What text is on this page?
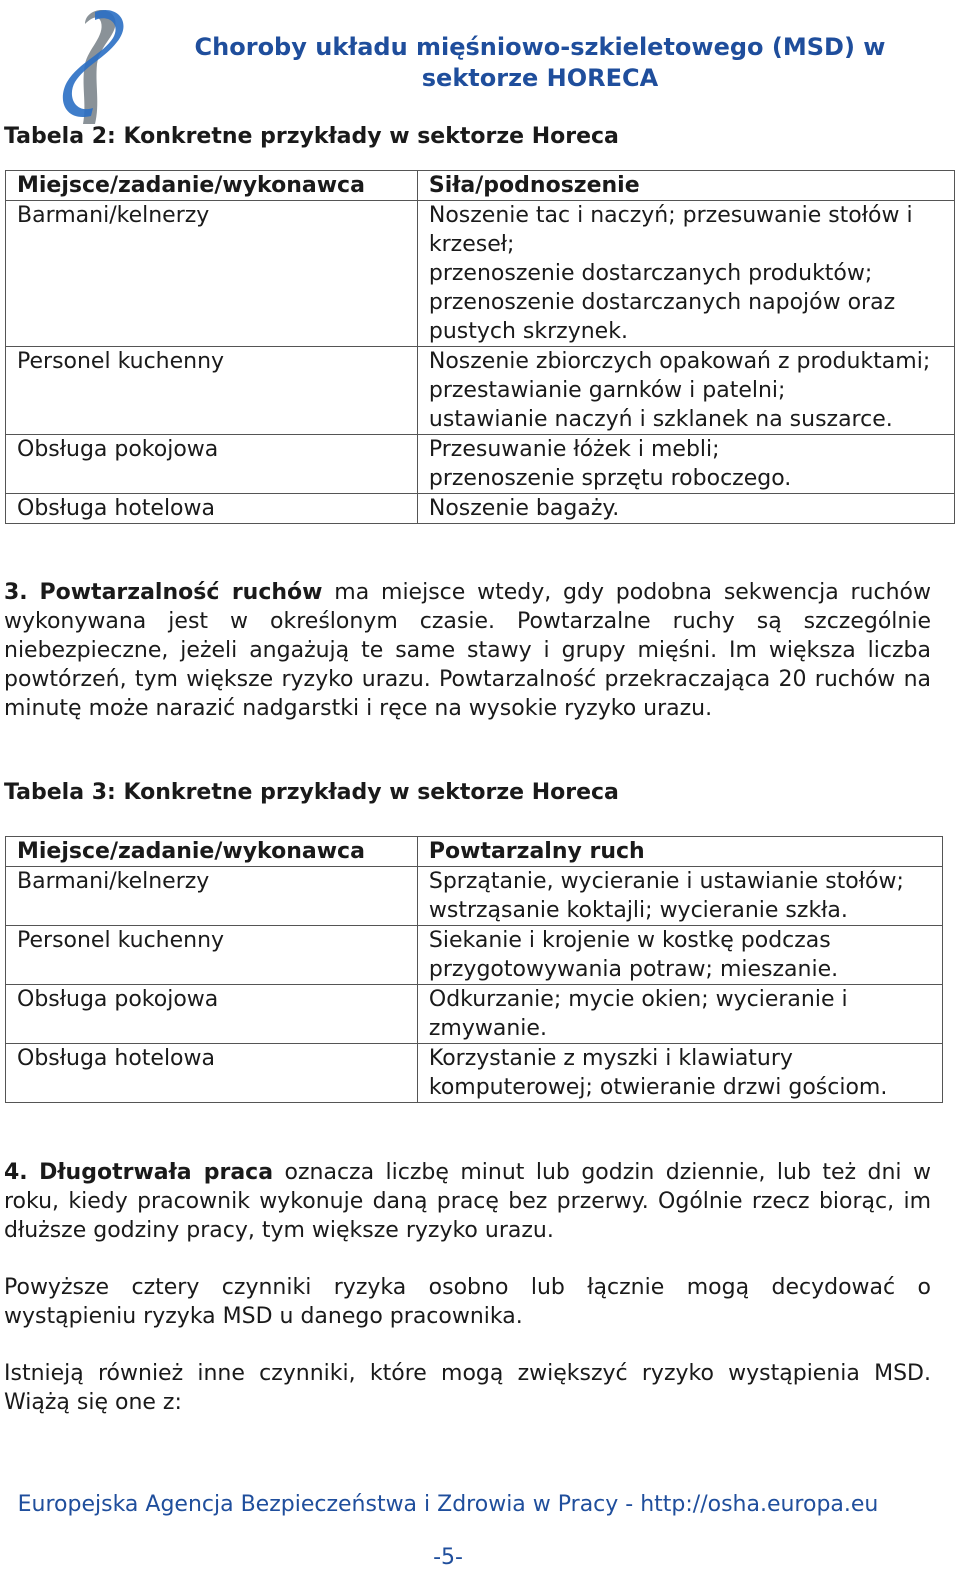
Choroby układu mięśniowo-szkieletowego (MSD) w sektorze HORECA
Tabela 2: Konkretne przykłady w sektorze Horeca
Miejsce/zadanie/wykonawca	Siła/podnoszenie
Barmani/kelnerzy	Noszenie tac i naczyń; przesuwanie stołów i krzeseł;
przenoszenie dostarczanych produktów; przenoszenie dostarczanych napojów oraz pustych skrzynek.

Personel kuchenny	Noszenie zbiorczych opakowań z produktami;
przestawianie garnków i patelni;
ustawianie naczyń i szklanek na suszarce.

Obsługa pokojowa	Przesuwanie łóżek i mebli;
przenoszenie sprzętu roboczego.

Obsługa hotelowa	Noszenie bagaży.
3. Powtarzalność ruchów ma miejsce wtedy, gdy podobna sekwencja ruchów wykonywana jest w określonym czasie. Powtarzalne ruchy są szczególnie niebezpieczne, jeżeli angażują te same stawy i grupy mięśni. Im większa liczba powtórzeń, tym większe ryzyko urazu. Powtarzalność przekraczająca 20 ruchów na minutę może narazić nadgarstki i ręce na wysokie ryzyko urazu.
Tabela 3: Konkretne przykłady w sektorze Horeca
Miejsce/zadanie/wykonawca	Powtarzalny ruch
Barmani/kelnerzy	Sprzątanie, wycieranie i ustawianie stołów; wstrząsanie koktajli; wycieranie szkła.
Personel kuchenny	Siekanie i krojenie w kostkę podczas przygotowywania potraw; mieszanie.
Obsługa pokojowa	Odkurzanie; mycie okien; wycieranie i zmywanie.
Obsługa hotelowa	Korzystanie z myszki i klawiatury komputerowej; otwieranie drzwi gościom.
4. Długotrwała praca oznacza liczbę minut lub godzin dziennie, lub też dni w roku, kiedy pracownik wykonuje daną pracę bez przerwy. Ogólnie rzecz biorąc, im dłuższe godziny pracy, tym większe ryzyko urazu.
Powyższe cztery czynniki ryzyka osobno lub łącznie mogą decydować o wystąpieniu ryzyka MSD u danego pracownika.
Istnieją również inne czynniki, które mogą zwiększyć ryzyko wystąpienia MSD. Wiążą się one z:
Europejska Agencja Bezpieczeństwa i Zdrowia w Pracy - http://osha.europa.eu
-5-
